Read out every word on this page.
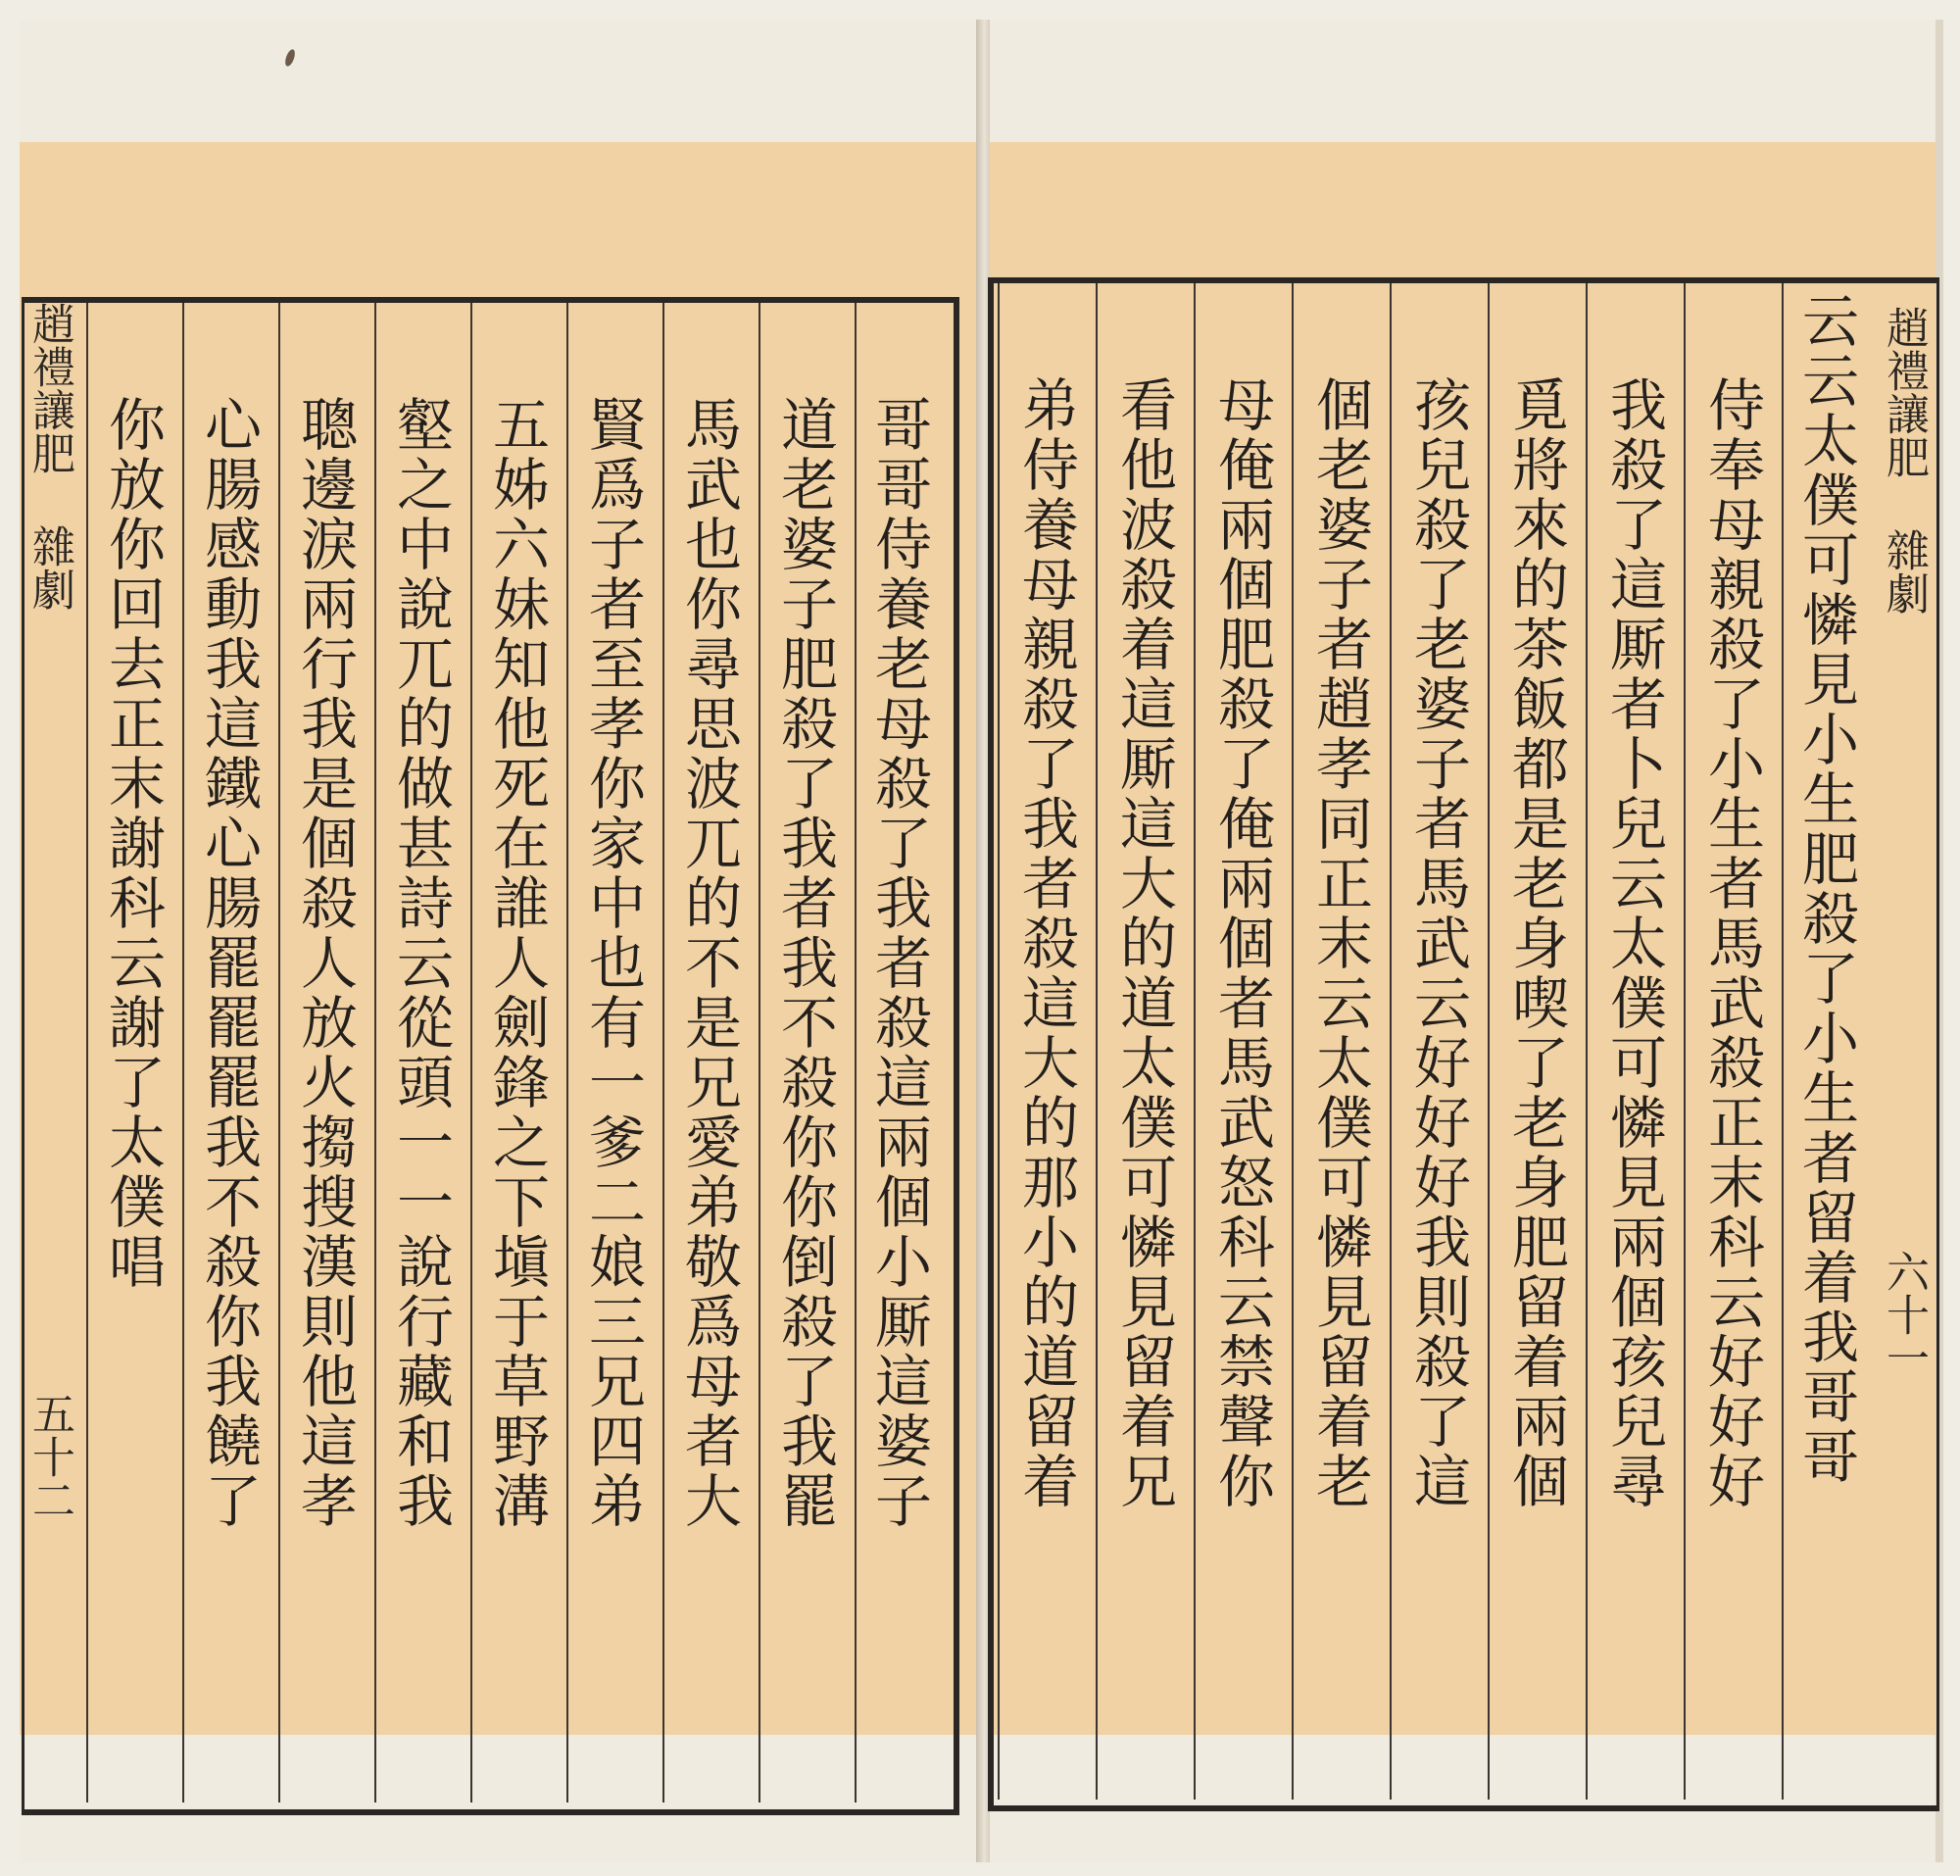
趙禮讓肥 雜劇
五十二	哥哥侍養老母殺了我者殺這兩個小厮這婆子
道老婆子肥殺了我者我不殺你你倒殺了我罷
馬武也你尋思波兀的不是兄愛弟敬爲母者大
賢爲子者至孝你家中也有一爹二娘三兄四弟
五姊六妹知他死在誰人劍鋒之下塡于草野溝
壑之中說兀的做甚詩云從頭一一說行藏和我
聰邊淚兩行我是個殺人放火搊搜漢則他這孝
心腸感動我這鐵心腸罷罷罷我不殺你我饒了
你放你回去正末謝科云謝了太僕唱	趙禮讓肥 雜劇
六十一
云云太僕可憐見小生肥殺了小生者留着我哥哥
侍奉母親殺了小生者馬武殺正末科云好好好
我殺了這厮者卜兒云太僕可憐見兩個孩兒尋
覓將來的茶飯都是老身喫了老身肥留着兩個
孩兒殺了老婆子者馬武云好好好我則殺了這
個老婆子者趙孝同正末云太僕可憐見留着老
母俺兩個肥殺了俺兩個者馬武怒科云禁聲你
看他波殺着這厮這大的道太僕可憐見留着兄
弟侍養母親殺了我者殺這大的那小的道留着
